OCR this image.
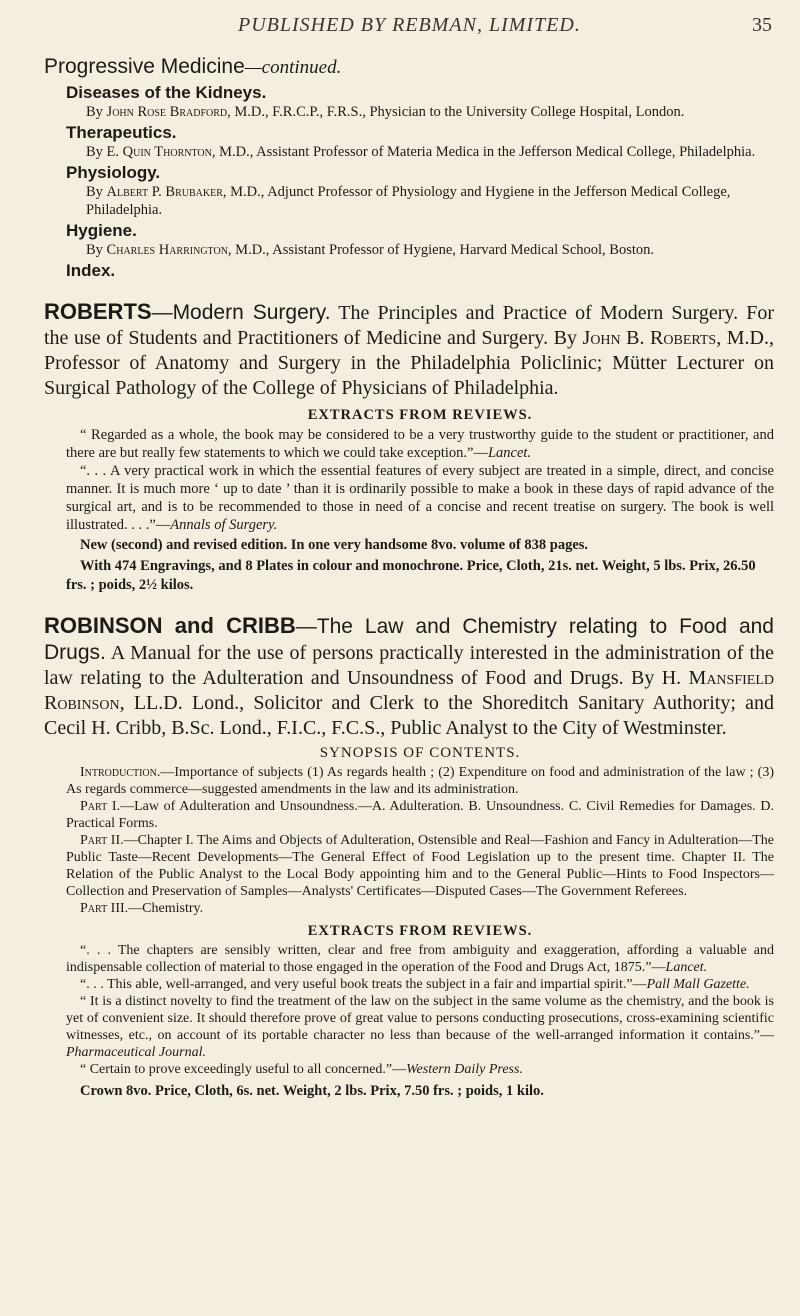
PUBLISHED BY REBMAN, LIMITED.	35

Progressive Medicine—continued.

Diseases of the Kidneys.

By John Rose Bradford, M.D., F.R.C.P., F.R.S., Physician to the University College Hospital, London.

Therapeutics.

By E. Quin Thornton, M.D., Assistant Professor of Materia Medica in the Jefferson Medical College, Philadelphia.

Physiology.

By Albert P. Brubaker, M.D., Adjunct Professor of Physiology and Hygiene in the Jefferson Medical College, Philadelphia.

Hygiene.

By Charles Harrington, M.D., Assistant Professor of Hygiene, Harvard Medical School, Boston.

Index.

ROBERTS—Modern Surgery. The Principles and Practice of Modern Surgery. For the use of Students and Practitioners of Medicine and Surgery. By John B. Roberts, M.D., Professor of Anatomy and Surgery in the Philadelphia Policlinic; Mütter Lecturer on Surgical Pathology of the College of Physicians of Philadelphia.

EXTRACTS FROM REVIEWS.

“ Regarded as a whole, the book may be considered to be a very trustworthy guide to the student or practitioner, and there are but really few statements to which we could take exception.”—Lancet.

“. . . A very practical work in which the essential features of every subject are treated in a simple, direct, and concise manner. It is much more ‘ up to date ’ than it is ordinarily possible to make a book in these days of rapid advance of the surgical art, and is to be recommended to those in need of a concise and recent treatise on surgery. The book is well illustrated. . . .”—Annals of Surgery.

New (second) and revised edition. In one very handsome 8vo. volume of 838 pages.

With 474 Engravings, and 8 Plates in colour and monochrone. Price, Cloth, 21s. net. Weight, 5 lbs. Prix, 26.50 frs. ; poids, 2½ kilos.

ROBINSON and CRIBB—The Law and Chemistry relating to Food and Drugs. A Manual for the use of persons practically interested in the administration of the law relating to the Adulteration and Unsoundness of Food and Drugs. By H. Mansfield Robinson, LL.D. Lond., Solicitor and Clerk to the Shoreditch Sanitary Authority; and Cecil H. Cribb, B.Sc. Lond., F.I.C., F.C.S., Public Analyst to the City of Westminster.

SYNOPSIS OF CONTENTS.

Introduction.—Importance of subjects (1) As regards health ; (2) Expenditure on food and administration of the law ; (3) As regards commerce—suggested amendments in the law and its administration.

Part I.—Law of Adulteration and Unsoundness.—A. Adulteration. B. Unsoundness. C. Civil Remedies for Damages. D. Practical Forms.

Part II.—Chapter I. The Aims and Objects of Adulteration, Ostensible and Real—Fashion and Fancy in Adulteration—The Public Taste—Recent Developments—The General Effect of Food Legislation up to the present time. Chapter II. The Relation of the Public Analyst to the Local Body appointing him and to the General Public—Hints to Food Inspectors—Collection and Preservation of Samples—Analysts' Certificates—Disputed Cases—The Government Referees.

Part III.—Chemistry.

EXTRACTS FROM REVIEWS.

“. . . The chapters are sensibly written, clear and free from ambiguity and exaggeration, affording a valuable and indispensable collection of material to those engaged in the operation of the Food and Drugs Act, 1875.”—Lancet.

“. . . This able, well-arranged, and very useful book treats the subject in a fair and impartial spirit.”—Pall Mall Gazette.

“ It is a distinct novelty to find the treatment of the law on the subject in the same volume as the chemistry, and the book is yet of convenient size. It should therefore prove of great value to persons conducting prosecutions, cross-examining scientific witnesses, etc., on account of its portable character no less than because of the well-arranged information it contains.”—Pharmaceutical Journal.

“ Certain to prove exceedingly useful to all concerned.”—Western Daily Press.

Crown 8vo. Price, Cloth, 6s. net. Weight, 2 lbs. Prix, 7.50 frs. ; poids, 1 kilo.
